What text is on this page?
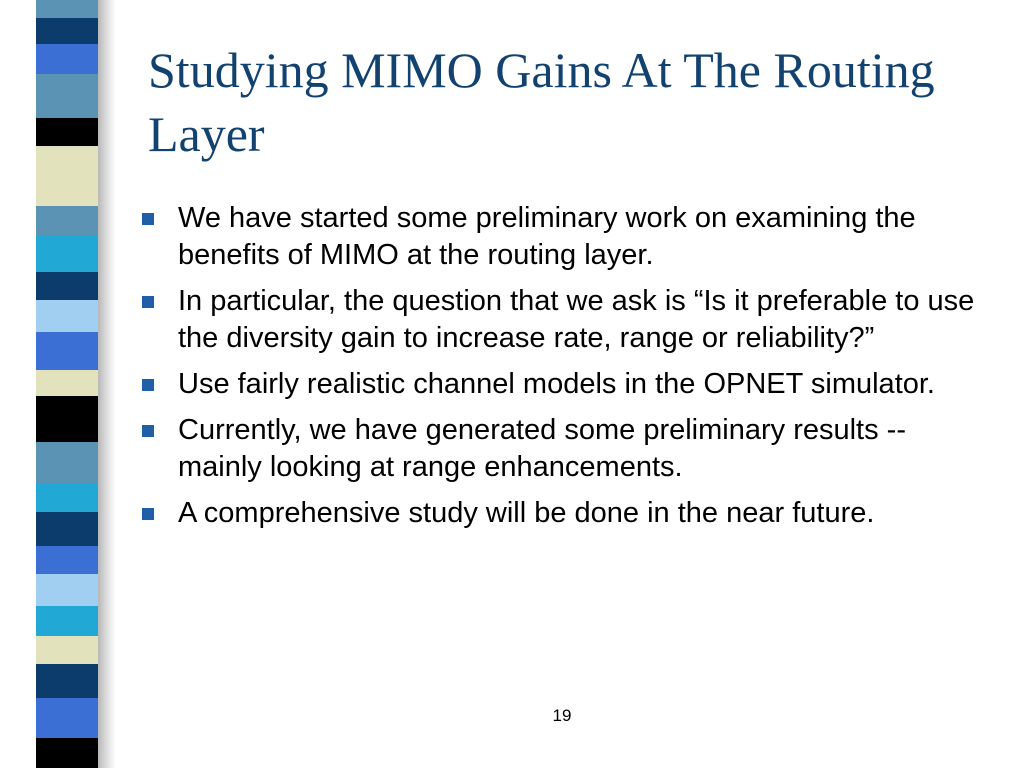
Studying MIMO Gains At The Routing Layer
We have started some preliminary work on examining the benefits of MIMO at the routing layer.
In particular, the question that we ask is “Is it preferable to use the diversity gain to increase rate, range or reliability?”
Use fairly realistic channel models in the OPNET simulator.
Currently, we have generated some preliminary results -- mainly looking at range enhancements.
A comprehensive study will be done in the near future.
19
